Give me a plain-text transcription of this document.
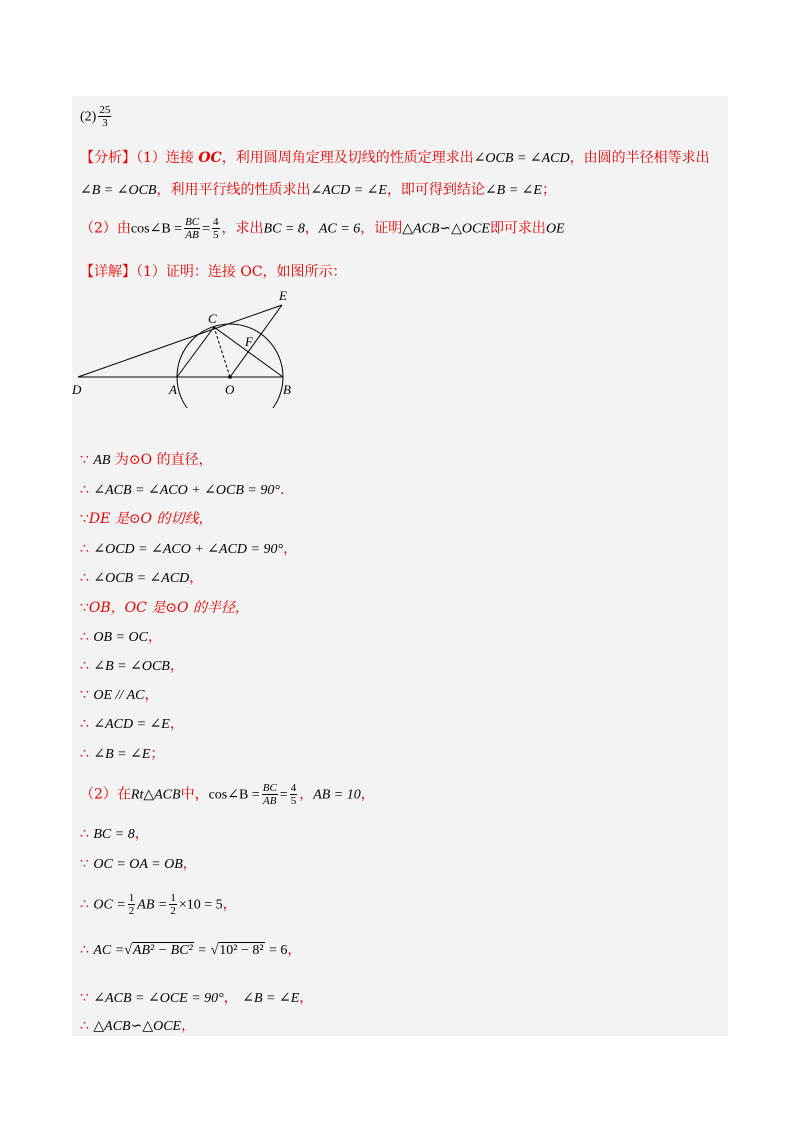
$(2) \frac{25}{3}$
【分析】（1）连接 OC，利用圆周角定理及切线的性质定理求出∠OCB = ∠ACD，由圆的半径相等求出
∠B = ∠OCB，利用平行线的性质求出∠ACD = ∠E，即可得到结论∠B = ∠E；
（2）由cos∠B = $\frac{BC}{AB} = \frac{4}{5}$ ，求出BC = 8，AC = 6，证明△ACB∽△OCE即可求出OE
【详解】（1）证明：连接 OC，如图所示：
D	A	O	B
C
E
F
∵ AB 为⊙O 的直径，
∴ ∠ACB = ∠ACO + ∠OCB = 90°.
∵DE 是⊙O 的切线，
∴ ∠OCD = ∠ACO + ∠ACD = 90°，
∴ ∠OCB = ∠ACD，
∵OB，OC 是⊙O 的半径，
∴ OB = OC，
∴ ∠B = ∠OCB，
∵ OE // AC，
∴ ∠ACD = ∠E，
∴ ∠B = ∠E；
（2）在Rt△ACB中，cos∠B = $\frac{BC}{AB} = \frac{4}{5}$ ，AB = 10，
∴ BC = 8，
∵ OC = OA = OB，
∴ OC = $\frac{1}{2}$ AB = $\frac{1}{2} \times 10 = 5$，
∴ AC =√AB² − BC² = √10² − 8² = 6，
∵ ∠ACB = ∠OCE = 90°， ∠B = ∠E，
∴ △ACB∽△OCE，
